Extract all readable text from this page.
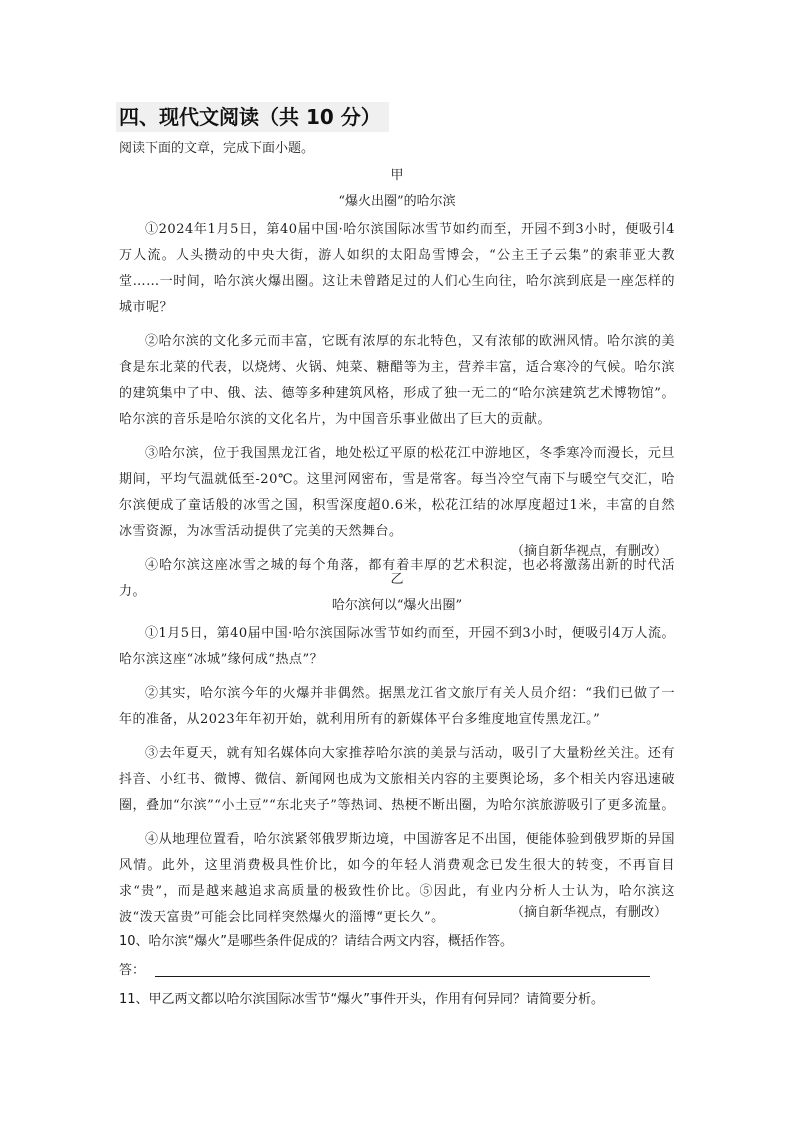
四、现代文阅读（共 10 分）
阅读下面的文章，完成下面小题。
甲
“爆火出圈”的哈尔滨

①2024年1月5日，第40届中国·哈尔滨国际冰雪节如约而至，开园不到3小时，便吸引4万人流。人头攒动的中央大街，游人如织的太阳岛雪博会，“公主王子云集”的索菲亚大教堂……一时间，哈尔滨火爆出圈。这让未曾踏足过的人们心生向往，哈尔滨到底是一座怎样的城市呢？

②哈尔滨的文化多元而丰富，它既有浓厚的东北特色，又有浓郁的欧洲风情。哈尔滨的美食是东北菜的代表，以烧烤、火锅、炖菜、糖醋等为主，营养丰富，适合寒冷的气候。哈尔滨的建筑集中了中、俄、法、德等多种建筑风格，形成了独一无二的“哈尔滨建筑艺术博物馆”。哈尔滨的音乐是哈尔滨的文化名片，为中国音乐事业做出了巨大的贡献。

③哈尔滨，位于我国黑龙江省，地处松辽平原的松花江中游地区，冬季寒冷而漫长，元旦期间，平均气温就低至-20℃。这里河网密布，雪是常客。每当冷空气南下与暖空气交汇，哈尔滨便成了童话般的冰雪之国，积雪深度超0.6米，松花江结的冰厚度超过1米，丰富的自然冰雪资源，为冰雪活动提供了完美的天然舞台。

④哈尔滨这座冰雪之城的每个角落，都有着丰厚的艺术积淀，也必将激荡出新的时代活力。

（摘自新华视点，有删改）
乙
哈尔滨何以“爆火出圈”

①1月5日，第40届中国·哈尔滨国际冰雪节如约而至，开园不到3小时，便吸引4万人流。哈尔滨这座“冰城”缘何成“热点”？

②其实，哈尔滨今年的火爆并非偶然。据黑龙江省文旅厅有关人员介绍：“我们已做了一年的准备，从2023年年初开始，就利用所有的新媒体平台多维度地宣传黑龙江。”

③去年夏天，就有知名媒体向大家推荐哈尔滨的美景与活动，吸引了大量粉丝关注。还有抖音、小红书、微博、微信、新闻网也成为文旅相关内容的主要舆论场，多个相关内容迅速破圈，叠加“尔滨”“小土豆”“东北夹子”等热词、热梗不断出圈，为哈尔滨旅游吸引了更多流量。

④从地理位置看，哈尔滨紧邻俄罗斯边境，中国游客足不出国，便能体验到俄罗斯的异国风情。此外，这里消费极具性价比，如今的年轻人消费观念已发生很大的转变，不再盲目求“贵”，而是越来越追求高质量的极致性价比。⑤因此，有业内分析人士认为，哈尔滨这波“泼天富贵”可能会比同样突然爆火的淄博“更长久”。	（摘自新华视点，有删改）
10、哈尔滨“爆火”是哪些条件促成的？请结合两文内容，概括作答。
答：
11、甲乙两文都以哈尔滨国际冰雪节“爆火”事件开头，作用有何异同？请简要分析。
